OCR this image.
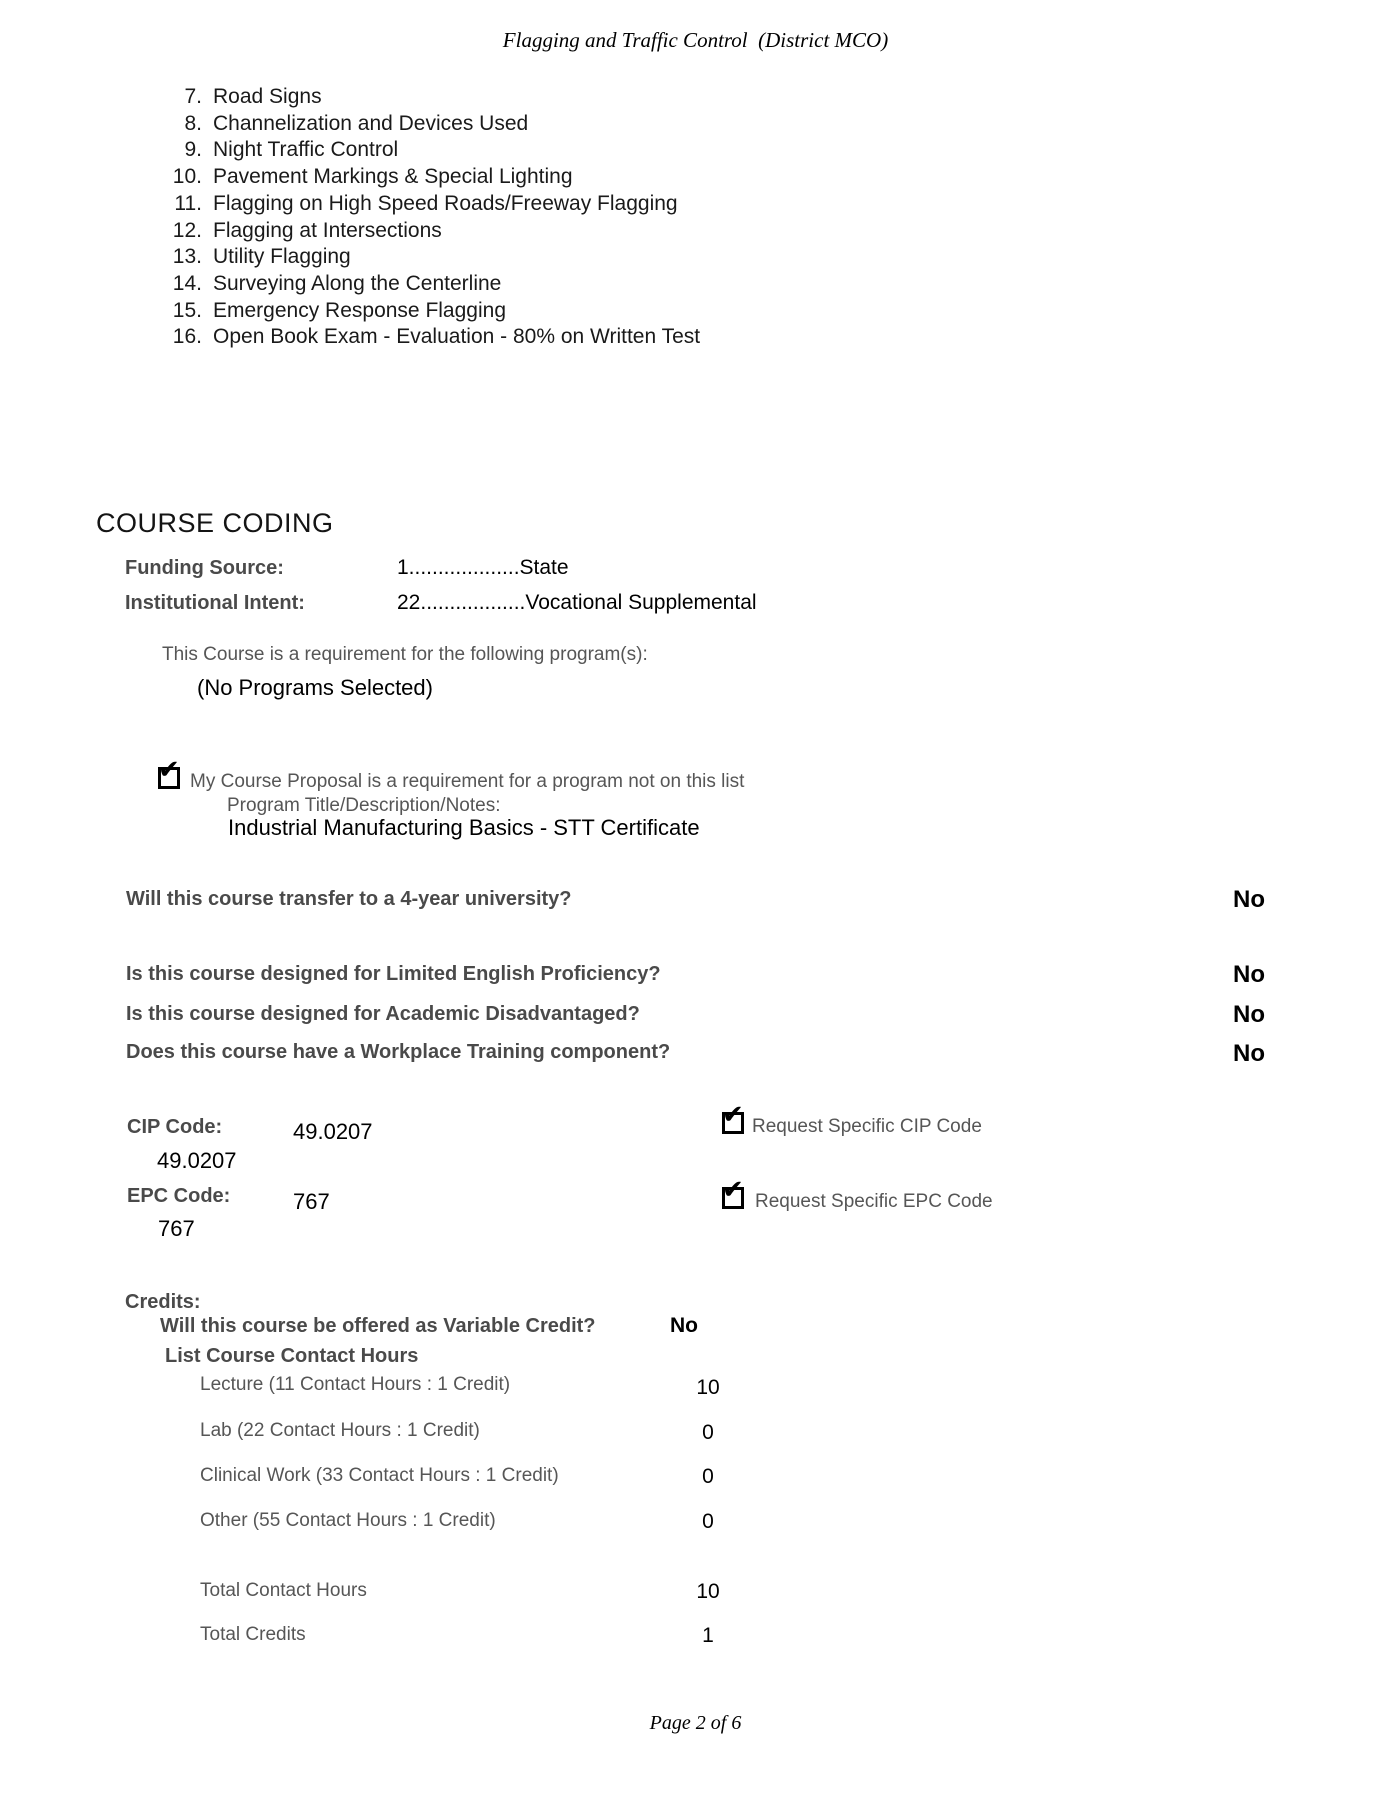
Flagging and Traffic Control  (District MCO)
7. Road Signs
8. Channelization and Devices Used
9. Night Traffic Control
10. Pavement Markings & Special Lighting
11. Flagging on High Speed Roads/Freeway Flagging
12. Flagging at Intersections
13. Utility Flagging
14. Surveying Along the Centerline
15. Emergency Response Flagging
16. Open Book Exam - Evaluation - 80% on Written Test
COURSE CODING
Funding Source:	1...................State
Institutional Intent:	22..................Vocational Supplemental
This Course is a requirement for the following program(s):
(No Programs Selected)
✔ My Course Proposal is a requirement for a program not on this list
Program Title/Description/Notes:
Industrial Manufacturing Basics - STT Certificate
Will this course transfer to a 4-year university?	No
Is this course designed for Limited English Proficiency?	No
Is this course designed for Academic Disadvantaged?	No
Does this course have a Workplace Training component?	No
CIP Code:	49.0207
49.0207
✔ Request Specific CIP Code
EPC Code:	767
767
✔ Request Specific EPC Code
Credits:
Will this course be offered as Variable Credit?	No
List Course Contact Hours
Lecture (11 Contact Hours : 1 Credit)	10
Lab (22 Contact Hours : 1 Credit)	0
Clinical Work (33 Contact Hours : 1 Credit)	0
Other (55 Contact Hours : 1 Credit)	0
Total Contact Hours	10
Total Credits	1
Page 2 of 6
